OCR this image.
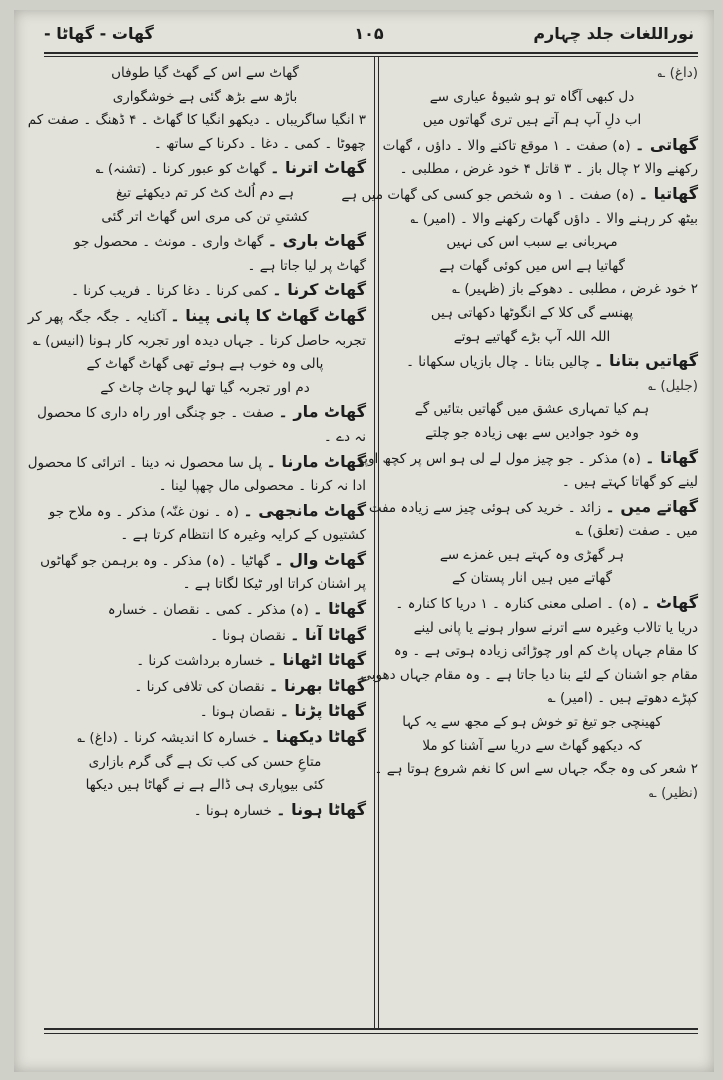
نوراللغات جلد چہارم
۱۰۵
گھات - گھاٹا -
(داغ) ؎
دل کبھی آگاہ تو ہو شیوۂ عیاری سے
اب دلِ آپ ہم آتے ہیں تری گھاتوں میں
گھاتی ۔ (ہ) صفت ۔ ۱ موقع تاکنے والا ۔ داؤں ، گھات
رکھنے والا ۲ چال باز ۔ ۳ قاتل ۴ خود غرض ، مطلبی ۔
گھاتیا ۔ (ہ) صفت ۔ ۱ وہ شخص جو کسی کی گھات میں ہے
بیٹھ کر رہنے والا ۔ داؤں گھات رکھنے والا ۔ (امیر) ؎
مہربانی بے سبب اس کی نہیں
گھاتیا ہے اس میں کوئی گھات ہے
۲ خود غرض ، مطلبی ۔ دھوکے باز (ظہیر) ؎
پھنسے گی کلا کے انگوٹھا دکھاتی ہیں
اللہ اللہ آپ بڑے گھاتیے ہوتے
گھاتیں بتانا ۔ چالیں بتانا ۔ چال بازیاں سکھانا ۔
(جلیل) ؎
ہم کیا تمہاری عشق میں گھاتیں بتائیں گے
وہ خود جوادیں سے بھی زیادہ جو چلتے
گھاتا ۔ (ہ) مذکر ۔ جو چیز مول لے لی ہو اس پر کچھ اوپر
لینے کو گھاتا کہتے ہیں ۔
گھاتے میں ۔ زائد ۔ خرید کی ہوئی چیز سے زیادہ مفت
میں ۔ صفت (تعلق) ؎
ہر گھڑی وہ کہتے ہیں غمزے سے
گھاتے میں ہیں انار پستان کے
گھاٹ ۔ (ہ) ۔ اصلی معنی کنارہ ۔ ۱ دریا کا کنارہ ۔
دریا یا تالاب وغیرہ سے اترنے سوار ہونے یا پانی لینے
کا مقام جہاں پاٹ کم اور چوڑائی زیادہ ہوتی ہے ۔ وہ
مقام جو اشنان کے لئے بنا دیا جاتا ہے ۔ وہ مقام جہاں دھوبی
کپڑے دھوتے ہیں ۔ (امیر) ؎
کھینچی جو تیغ تو خوش ہو کے مجھ سے یہ کہا
کہ دیکھو گھاٹ سے دریا سے آشنا کو ملا
۲ شعر کی وہ جگہ جہاں سے اس کا نغم شروع ہوتا ہے ۔
(نظیر) ؎
گھاٹ سے اس کے گھٹ گیا طوفاں
باڑھ سے بڑھ گئی ہے خوشگواری
۳ انگیا ساگریباں ۔ دیکھو انگیا کا گھاٹ ۔ ۴ ڈھنگ ۔ صفت کم
چھوٹا ۔ کمی ۔ دغا ۔ دکرنا کے ساتھ ۔
گھاٹ اترنا ۔ گھاٹ کو عبور کرنا ۔ (تشنہ) ؎
ہے دم اُلٹ کٹ کر تم دیکھئے تیغ
کشتیِ تن کی مری اس گھاٹ اتر گئی
گھاٹ باری ۔ گھاٹ واری ۔ مونث ۔ محصول جو
گھاٹ پر لیا جاتا ہے ۔
گھاٹ کرنا ۔ کمی کرنا ۔ دغا کرنا ۔ فریب کرنا ۔
گھاٹ گھاٹ کا پانی پینا ۔ آکنایہ ۔ جگہ جگہ پھر کر
تجربہ حاصل کرنا ۔ جہاں دیدہ اور تجربہ کار ہونا (انیس) ؎
پالی وہ خوب ہے ہوئے تھی گھاٹ گھاٹ کے
دم اور تجربہ گیا تھا لہو چاٹ چاٹ کے
گھاٹ مار ۔ صفت ۔ جو چنگی اور راہ داری کا محصول
نہ دے ۔
گھاٹ مارنا ۔ پل سا محصول نہ دینا ۔ اترائی کا محصول
ادا نہ کرنا ۔ محصولی مال چھپا لینا ۔
گھاٹ مانجھی ۔ (ہ ۔ نون غنّہ) مذکر ۔ وہ ملاح جو
کشتیوں کے کرایہ وغیرہ کا انتظام کرتا ہے ۔
گھاٹ وال ۔ گھاٹیا ۔ (ہ) مذکر ۔ وہ برہمن جو گھاٹوں
پر اشنان کراتا اور ٹیکا لگاتا ہے ۔
گھاٹا ۔ (ہ) مذکر ۔ کمی ۔ نقصان ۔ خسارہ
گھاٹا آنا ۔ نقصان ہونا ۔
گھاٹا اٹھانا ۔ خسارہ برداشت کرنا ۔
گھاٹا بھرنا ۔ نقصان کی تلافی کرنا ۔
گھاٹا پڑنا ۔ نقصان ہونا ۔
گھاٹا دیکھنا ۔ خسارہ کا اندیشہ کرنا ۔ (داغ) ؎
متاعِ حسن کی کب تک ہے گی گرم بازاری
کئی بیوپاری ہی ڈالے ہے نے گھاٹا ہیں دیکھا
گھاٹا ہونا ۔ خسارہ ہونا ۔
